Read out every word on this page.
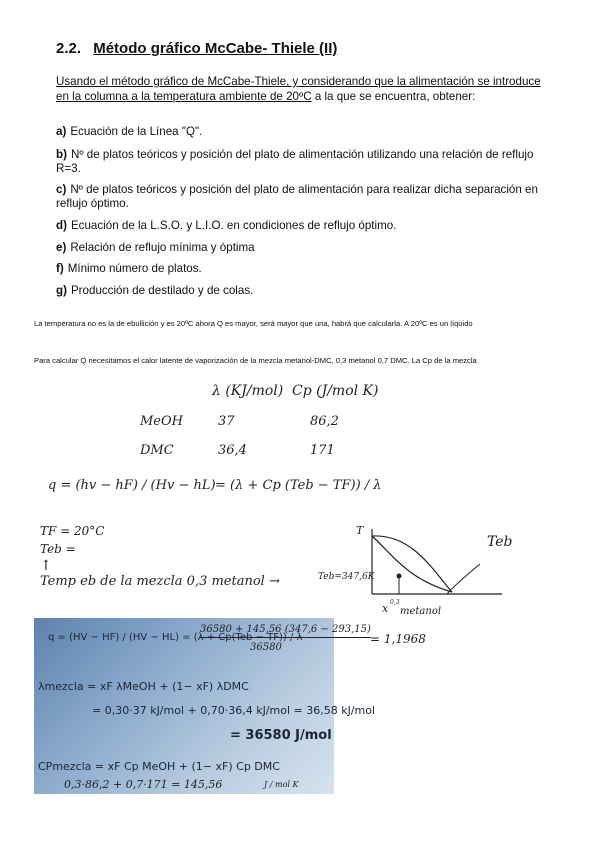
2.2. Método gráfico McCabe- Thiele (II)
Usando el método gráfico de McCabe-Thiele, y considerando que la alimentación se introduce en la columna a la temperatura ambiente de 20ºC a la que se encuentra, obtener:
a) Ecuación de la Línea "Q".
b) Nº de platos teóricos y posición del plato de alimentación utilizando una relación de reflujo R=3.
c) Nº de platos teóricos y posición del plato de alimentación para realizar dicha separación en reflujo óptimo.
d) Ecuación de la L.S.O. y L.I.O. en condiciones de reflujo óptimo.
e) Relación de reflujo mínima y óptima
f) Mínimo número de platos.
g) Producción de destilado y de colas.
La temperatura no es la de ebullición y es 20ºC ahora Q es mayor, será mayor que una, habrá que calcularla. A 20ºC es un líquido
Para calcular Q necesitamos el calor latente de vaporización de la mezcla metanol-DMC, 0,3 metanol 0,7 DMC. La Cp de la mezcla
λ (KJ/mol) Cp (J/mol K)
MeOH	37	86,2
DMC	36,4	171
q = (hv − hF) / (Hv − hL) = (λ + Cp (Teb − TF)) / λ
TF = 20°C
Teb =
↑
Temp eb de la mezcla 0,3 metanol →	Teb=347,6K
T
Teb
x 0,3
metanol
q = (HV − HF) / (HV − HL) = (λ + Cp(Teb − TF)) / λ
λmezcla = xF λMeOH + (1− xF) λDMC
= 0,30·37 kJ/mol + 0,70·36,4 kJ/mol = 36,58 kJ/mol
= 36580 J/mol
CPmezcla = xF Cp MeOH + (1− xF) Cp DMC
36580 + 145,56 (347,6 − 293,15)
36580
= 1,1968
0,3·86,2 + 0,7·171 = 145,56	J / mol K
